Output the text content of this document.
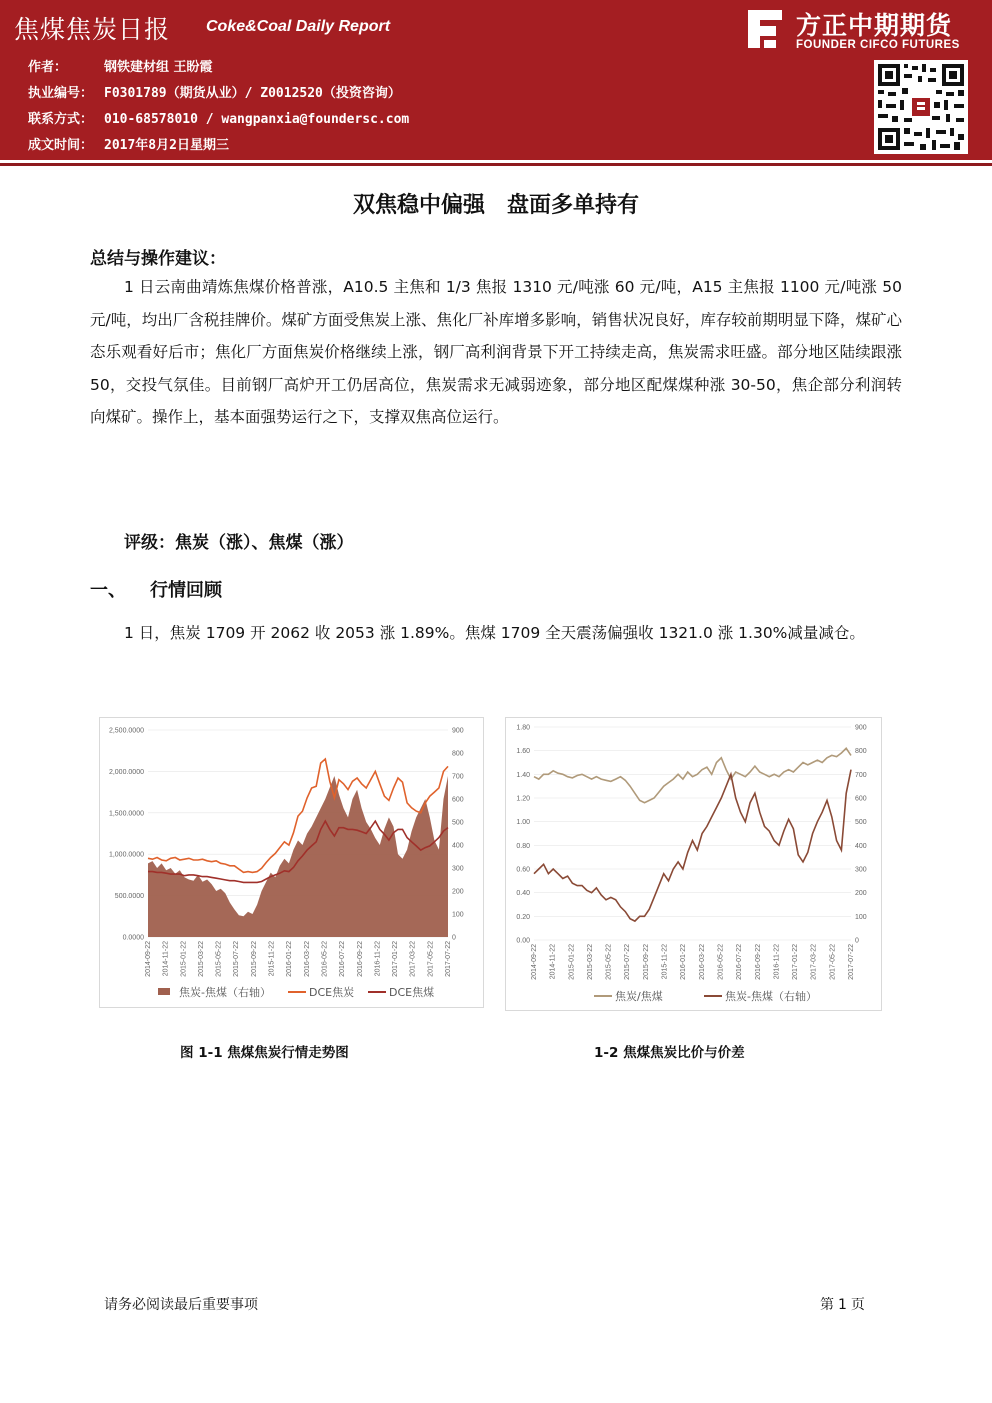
焦煤焦炭日报 Coke&Coal Daily Report
作者：	钢铁建材组 王盼霞
执业编号： F0301789（期货从业）/ Z0012520（投资咨询）
联系方式： 010-68578010 / wangpanxia@foundersc.com
成文时间： 2017年8月2日星期三
方正中期期货
FOUNDER CIFCO FUTURES
双焦稳中偏强　盘面多单持有
总结与操作建议：
1 日云南曲靖炼焦煤价格普涨，A10.5 主焦和 1/3 焦报 1310 元/吨涨 60 元/吨，A15 主焦报 1100 元/吨涨 50 元/吨，均出厂含税挂牌价。煤矿方面受焦炭上涨、焦化厂补库增多影响，销售状况良好，库存较前期明显下降，煤矿心态乐观看好后市；焦化厂方面焦炭价格继续上涨，钢厂高利润背景下开工持续走高，焦炭需求旺盛。部分地区陆续跟涨 50，交投气氛佳。目前钢厂高炉开工仍居高位，焦炭需求无减弱迹象，部分地区配煤煤种涨 30-50，焦企部分利润转向煤矿。操作上，基本面强势运行之下，支撑双焦高位运行。
评级：焦炭（涨）、焦煤（涨）
一、 行情回顾
1 日，焦炭 1709 开 2062 收 2053 涨 1.89%。焦煤 1709 全天震荡偏强收 1321.0 涨 1.30%减量减仓。
2,500.0000
2,000.0000
1,500.0000
1,000.0000
500.0000
0.0000
900
800
700
600
500
400
300
200
100
0
2014-09-22 2014-11-22 2015-01-22 2015-03-22 2015-05-22 2015-07-22 2015-09-22 2015-11-22 2016-01-22 2016-03-22 2016-05-22 2016-07-22 2016-09-22 2016-11-22 2017-01-22 2017-03-22 2017-05-22 2017-07-22
焦炭-焦煤（右轴）	DCE焦炭	DCE焦煤
1.80
1.60
1.40
1.20
1.00
0.80
0.60
0.40
0.20
0.00
900
800
700
600
500
400
300
200
100
0
2014-09-22 2014-11-22 2015-01-22 2015-03-22 2015-05-22 2015-07-22 2015-09-22 2015-11-22 2016-01-22 2016-03-22 2016-05-22 2016-07-22 2016-09-22 2016-11-22 2017-01-22 2017-03-22 2017-05-22 2017-07-22
焦炭/焦煤	焦炭-焦煤（右轴）
图 1-1 焦煤焦炭行情走势图	1-2 焦煤焦炭比价与价差
请务必阅读最后重要事项	第 1 页
